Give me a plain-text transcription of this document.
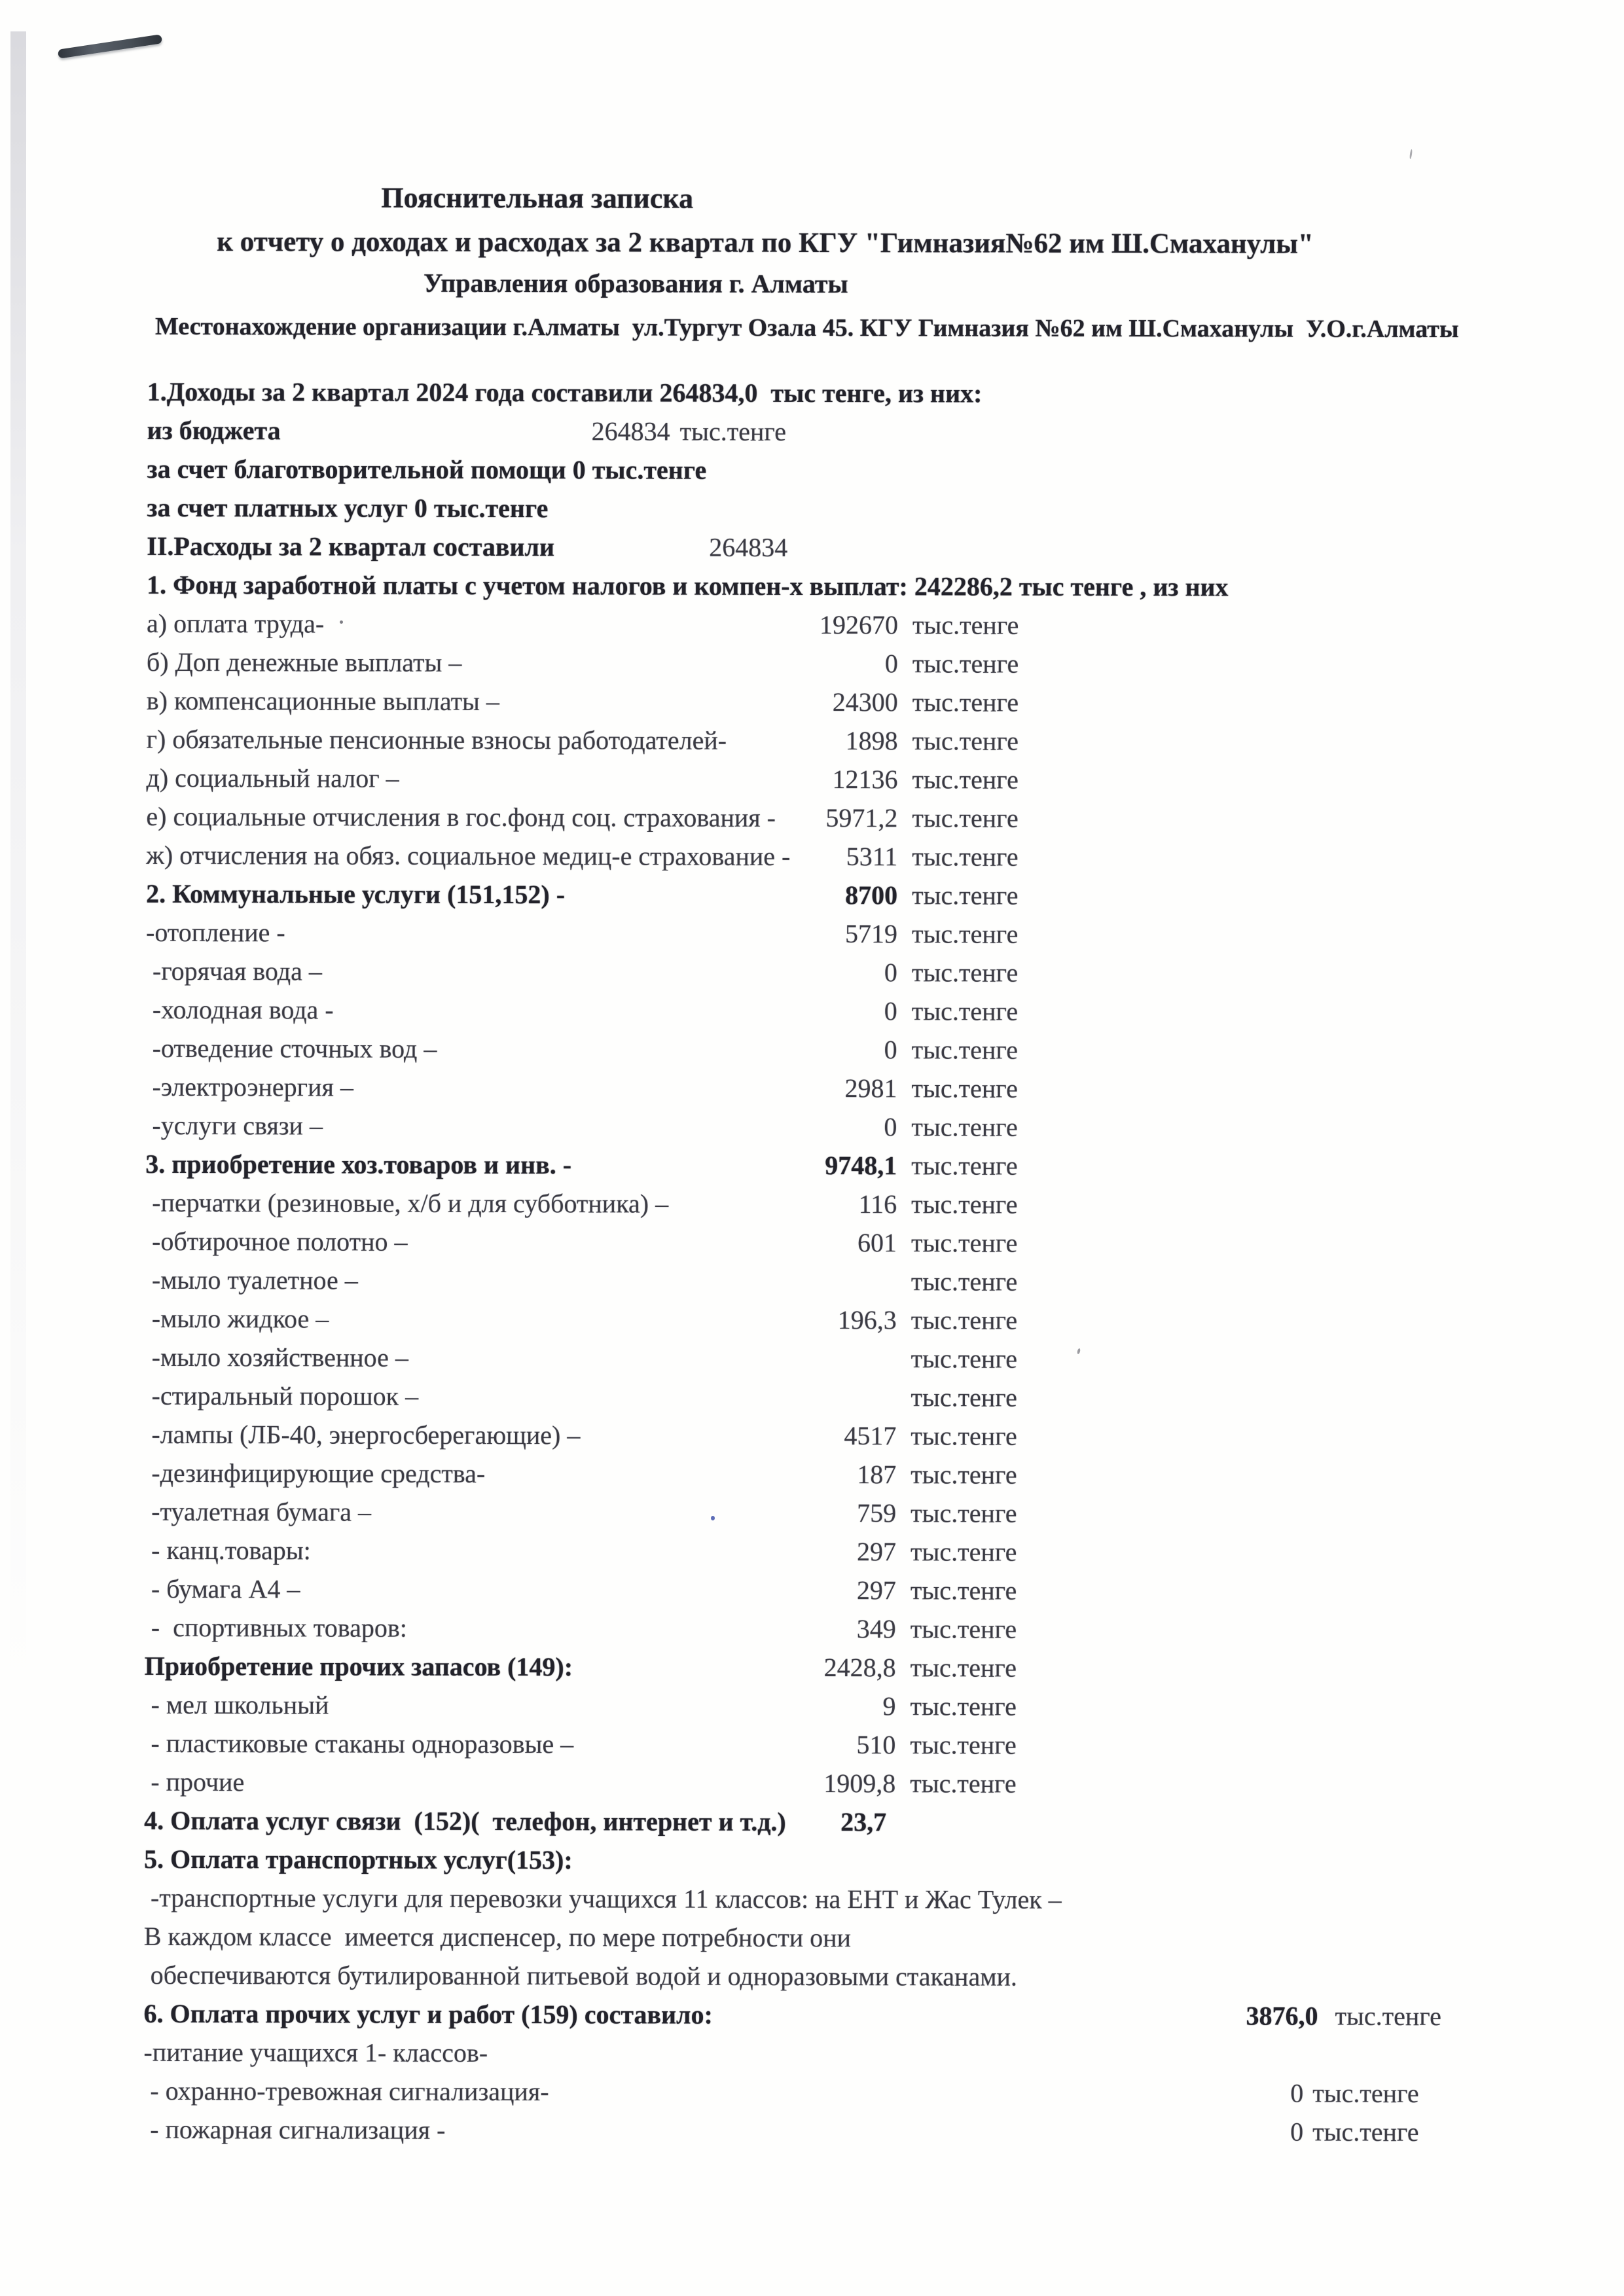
Пояснительная записка
к отчету о доходах и расходах за 2 квартал по КГУ "Гимназия№62 им Ш.Смаханулы"
Управления образования г. Алматы
Местонахождение организации г.Алматы  ул.Тургут Озала 45. КГУ Гимназия №62 им Ш.Смаханулы  У.О.г.Алматы
1.Доходы за 2 квартал 2024 года составили 264834,0  тыс тенге, из них:
из бюджета	264834 тыс.тенге
за счет благотворительной помощи 0 тыс.тенге
за счет платных услуг 0 тыс.тенге
II.Расходы за 2 квартал составили	264834
1. Фонд заработной платы с учетом налогов и компен-х выплат: 242286,2 тыс тенге , из них
а) оплата труда-	192670 тыс.тенге
б) Доп денежные выплаты –	0 тыс.тенге
в) компенсационные выплаты –	24300 тыс.тенге
г) обязательные пенсионные взносы работодателей-	1898 тыс.тенге
д) социальный налог –	12136 тыс.тенге
е) социальные отчисления в гос.фонд соц. страхования - 5971,2 тыс.тенге
ж) отчисления на обяз. социальное медиц-е страхование - 5311 тыс.тенге
2. Коммунальные услуги (151,152) -	8700 тыс.тенге
-отопление -	5719 тыс.тенге
-горячая вода –	0 тыс.тенге
-холодная вода -	0 тыс.тенге
-отведение сточных вод –	0 тыс.тенге
-электроэнергия –	2981 тыс.тенге
-услуги связи –	0 тыс.тенге
3. приобретение хоз.товаров и инв. -	9748,1 тыс.тенге
-перчатки (резиновые, х/б и для субботника) –	116 тыс.тенге
-обтирочное полотно –	601 тыс.тенге
-мыло туалетное –	тыс.тенге
-мыло жидкое –	196,3 тыс.тенге
-мыло хозяйственное –	тыс.тенге
-стиральный порошок –	тыс.тенге
-лампы (ЛБ-40, энергосберегающие) –	4517 тыс.тенге
-дезинфицирующие средства-	187 тыс.тенге
-туалетная бумага –	759 тыс.тенге
- канц.товары:	297 тыс.тенге
- бумага А4 –	297 тыс.тенге
-  спортивных товаров:	349 тыс.тенге
Приобретение прочих запасов (149):	2428,8 тыс.тенге
- мел школьный	9 тыс.тенге
- пластиковые стаканы одноразовые –	510 тыс.тенге
- прочие	1909,8 тыс.тенге
4. Оплата услуг связи  (152)(  телефон, интернет и т.д.) 23,7
5. Оплата транспортных услуг(153):
-транспортные услуги для перевозки учащихся 11 классов: на ЕНТ и Жас Тулек –
В каждом классе  имеется диспенсер, по мере потребности они
обеспечиваются бутилированной питьевой водой и одноразовыми стаканами.
6. Оплата прочих услуг и работ (159) составило:	3876,0 тыс.тенге
-питание учащихся 1- классов-
- охранно-тревожная сигнализация-	0 тыс.тенге
- пожарная сигнализация -	0 тыс.тенге
